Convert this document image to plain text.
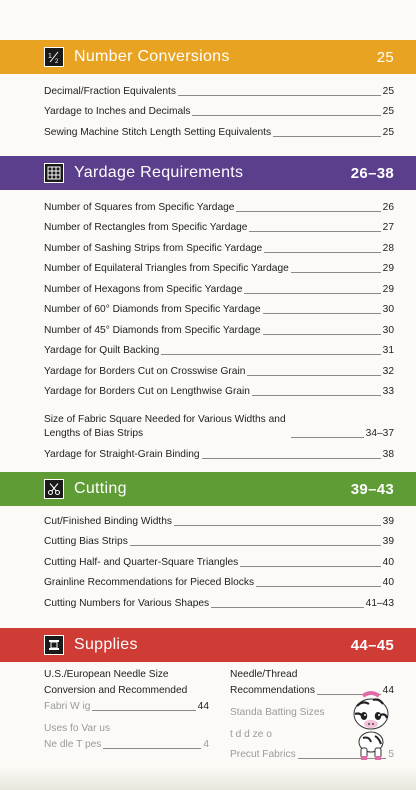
1
2 Number Conversions	25
Decimal/Fraction Equivalents	25
Yardage to Inches and Decimals	25
Sewing Machine Stitch Length Setting Equivalents	25
Yardage Requirements	26–38
Number of Squares from Specific Yardage	26
Number of Rectangles from Specific Yardage	27
Number of Sashing Strips from Specific Yardage	28
Number of Equilateral Triangles from Specific Yardage	29
Number of Hexagons from Specific Yardage	29
Number of 60° Diamonds from Specific Yardage	30
Number of 45° Diamonds from Specific Yardage	30
Yardage for Quilt Backing	31
Yardage for Borders Cut on Crosswise Grain	32
Yardage for Borders Cut on Lengthwise Grain	33
Size of Fabric Square Needed for Various Widths and Lengths of Bias Strips	34–37
Yardage for Straight-Grain Binding	38
Cutting	39–43
Cut/Finished Binding Widths	39
Cutting Bias Strips	39
Cutting Half- and Quarter-Square Triangles	40
Grainline Recommendations for Pieced Blocks	40
Cutting Numbers for Various Shapes	41–43
Supplies	44–45
U.S./European Needle Size
Conversion and Recommended
Fabri W ig	44
Uses fo Var us
Ne dle T pes	4
Needle/Thread
Recommendations	44
Standa Batting Sizes
t d d ze o
Precut Fabrics	5
